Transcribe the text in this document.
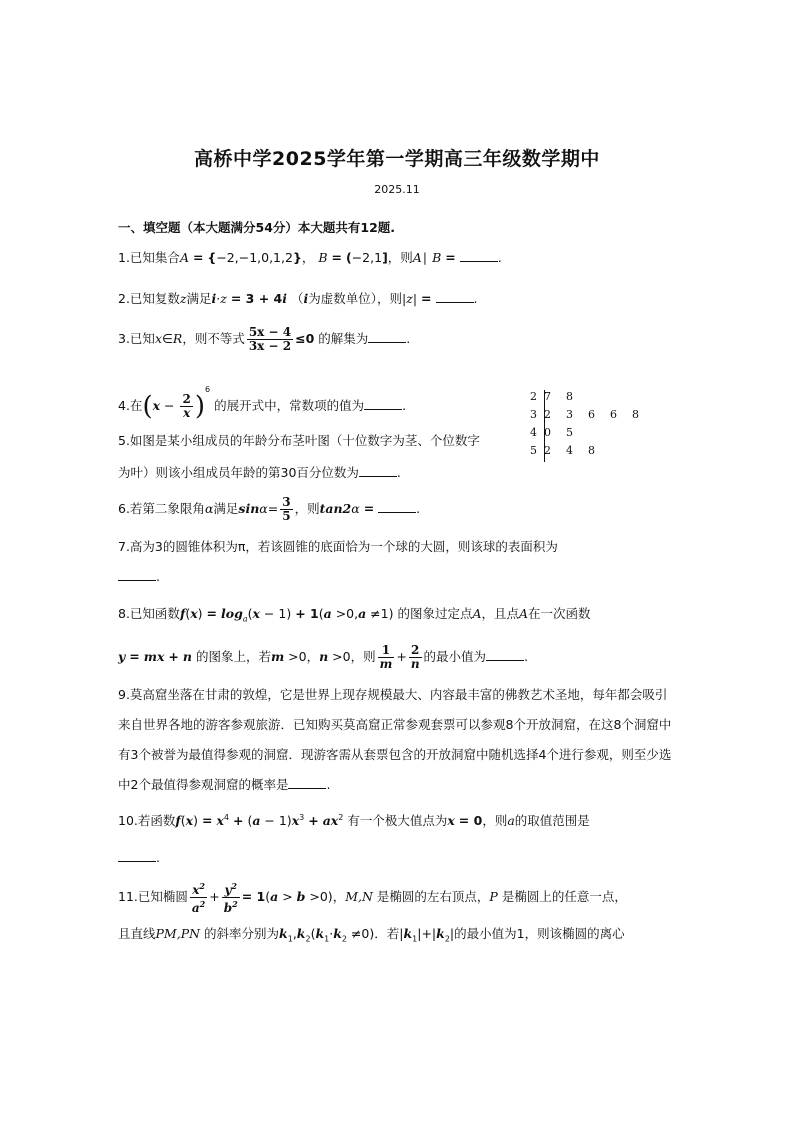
高桥中学2025学年第一学期高三年级数学期中
2025.11
一、填空题（本大题满分54分）本大题共有12题.
1.已知集合A = {−2,−1,0,1,2}， B = (−2,1]，则A∣ B =	.
2.已知复数z满足i·z = 3 + 4i （i为虚数单位），则|z| =	.
3.已知x∈R，则不等式 $\frac{5x - 4}{3x - 2} \le 0$ 的解集为	.
4.在$(x - \frac{2}{x} )^6$ 的展开式中，常数项的值为	.
2 7 8
3 2 3 6 6 8
4 0 5
5 2 4 8
5.如图是某小组成员的年龄分布茎叶图（十位数字为茎、个位数字
为叶）则该小组成员年龄的第30百分位数为	.
6.若第二象限角α满足$\sin\alpha= \frac{3}{5}$ ，则tan2α =	.
7.高为3的圆锥体积为π，若该圆锥的底面恰为一个球的大圆，则该球的表面积为
.
8.已知函数$f(x) = \log_a(x - 1) + 1(a >0,a \ne 1)$ 的图象过定点A，且点A在一次函数
y = mx + n 的图象上，若m >0，n >0，则 $\frac{1}{m} + \frac{2}{n}$ 的最小值为	.
9.莫高窟坐落在甘肃的敦煌，它是世界上现存规模最大、内容最丰富的佛教艺术圣地，每年都会吸引来自世界各地的游客参观旅游．已知购买莫高窟正常参观套票可以参观8个开放洞窟，在这8个洞窟中有3个被誉为最值得参观的洞窟．现游客需从套票包含的开放洞窟中随机选择4个进行参观，则至少选中2个最值得参观洞窟的概率是	.
10.若函数$f(x) = x^4 + (a - 1)x^3 + ax^2$ 有一个极大值点为x = 0，则a的取值范围是
.
11.已知椭圆 $\frac{x^2}{a^2} + \frac{y^2}{b^2} = 1(a > b >0)$，M,N 是椭圆的左右顶点，P 是椭圆上的任意一点，
且直线PM,PN 的斜率分别为$k_1,k_2(k_1\cdot k_2 \ne 0)$．若$|k_1|+|k_2|$的最小值为1，则该椭圆的离心
